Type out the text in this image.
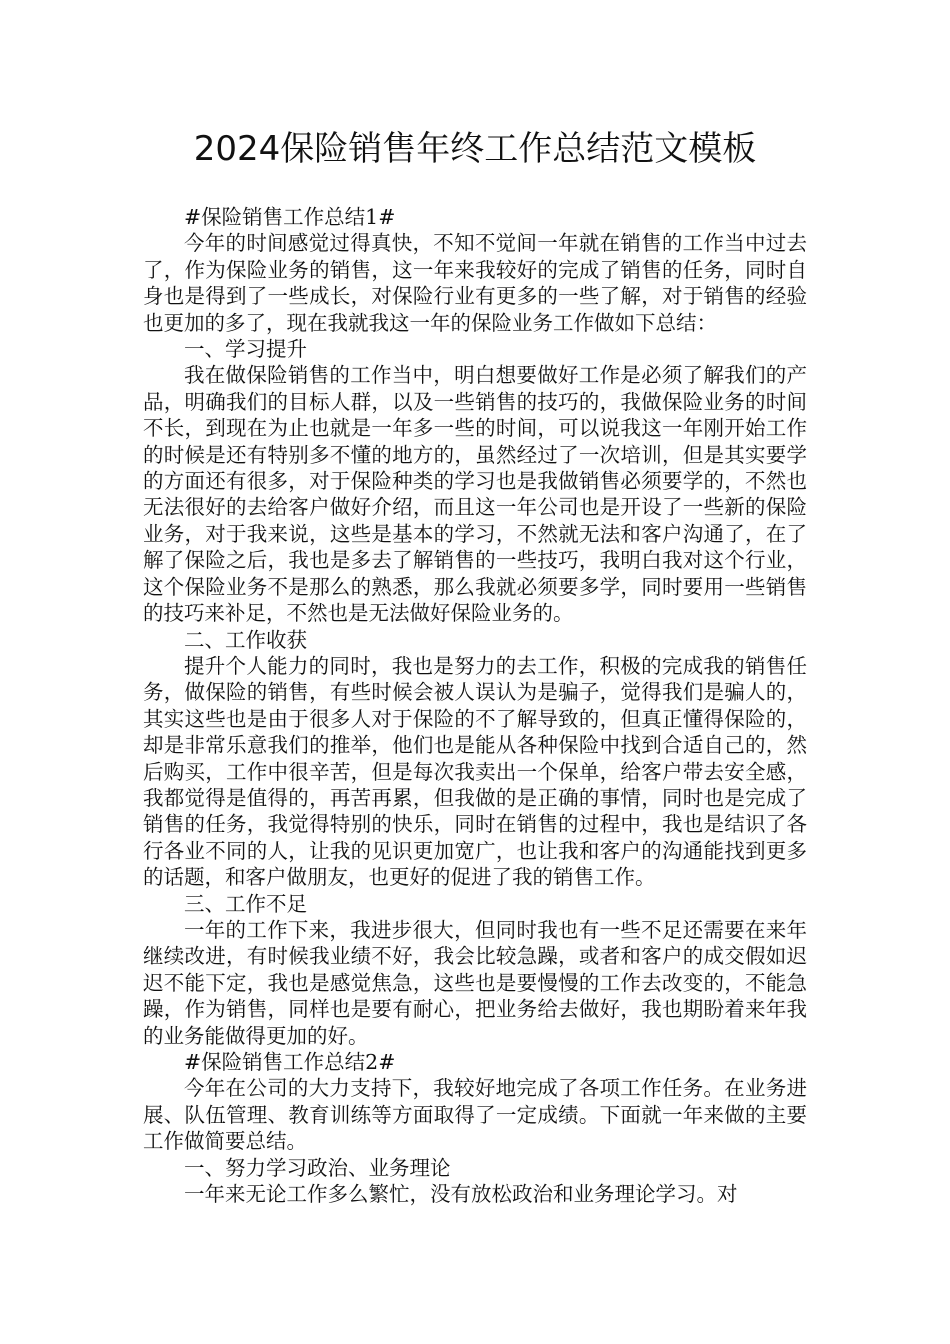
2024保险销售年终工作总结范文模板

#保险销售工作总结1#

今年的时间感觉过得真快，不知不觉间一年就在销售的工作当中过去了，作为保险业务的销售，这一年来我较好的完成了销售的任务，同时自身也是得到了一些成长，对保险行业有更多的一些了解，对于销售的经验也更加的多了，现在我就我这一年的保险业务工作做如下总结：

一、学习提升

我在做保险销售的工作当中，明白想要做好工作是必须了解我们的产品，明确我们的目标人群，以及一些销售的技巧的，我做保险业务的时间不长，到现在为止也就是一年多一些的时间，可以说我这一年刚开始工作的时候是还有特别多不懂的地方的，虽然经过了一次培训，但是其实要学的方面还有很多，对于保险种类的学习也是我做销售必须要学的，不然也无法很好的去给客户做好介绍，而且这一年公司也是开设了一些新的保险业务，对于我来说，这些是基本的学习，不然就无法和客户沟通了，在了解了保险之后，我也是多去了解销售的一些技巧，我明白我对这个行业，这个保险业务不是那么的熟悉，那么我就必须要多学，同时要用一些销售的技巧来补足，不然也是无法做好保险业务的。

二、工作收获

提升个人能力的同时，我也是努力的去工作，积极的完成我的销售任务，做保险的销售，有些时候会被人误认为是骗子，觉得我们是骗人的，其实这些也是由于很多人对于保险的不了解导致的，但真正懂得保险的，却是非常乐意我们的推举，他们也是能从各种保险中找到合适自己的，然后购买，工作中很辛苦，但是每次我卖出一个保单，给客户带去安全感，我都觉得是值得的，再苦再累，但我做的是正确的事情，同时也是完成了销售的任务，我觉得特别的快乐，同时在销售的过程中，我也是结识了各行各业不同的人，让我的见识更加宽广，也让我和客户的沟通能找到更多的话题，和客户做朋友，也更好的促进了我的销售工作。

三、工作不足

一年的工作下来，我进步很大，但同时我也有一些不足还需要在来年继续改进，有时候我业绩不好，我会比较急躁，或者和客户的成交假如迟迟不能下定，我也是感觉焦急，这些也是要慢慢的工作去改变的，不能急躁，作为销售，同样也是要有耐心，把业务给去做好，我也期盼着来年我的业务能做得更加的好。

#保险销售工作总结2#

今年在公司的大力支持下，我较好地完成了各项工作任务。在业务进展、队伍管理、教育训练等方面取得了一定成绩。下面就一年来做的主要工作做简要总结。

一、努力学习政治、业务理论

一年来无论工作多么繁忙，没有放松政治和业务理论学习。对
